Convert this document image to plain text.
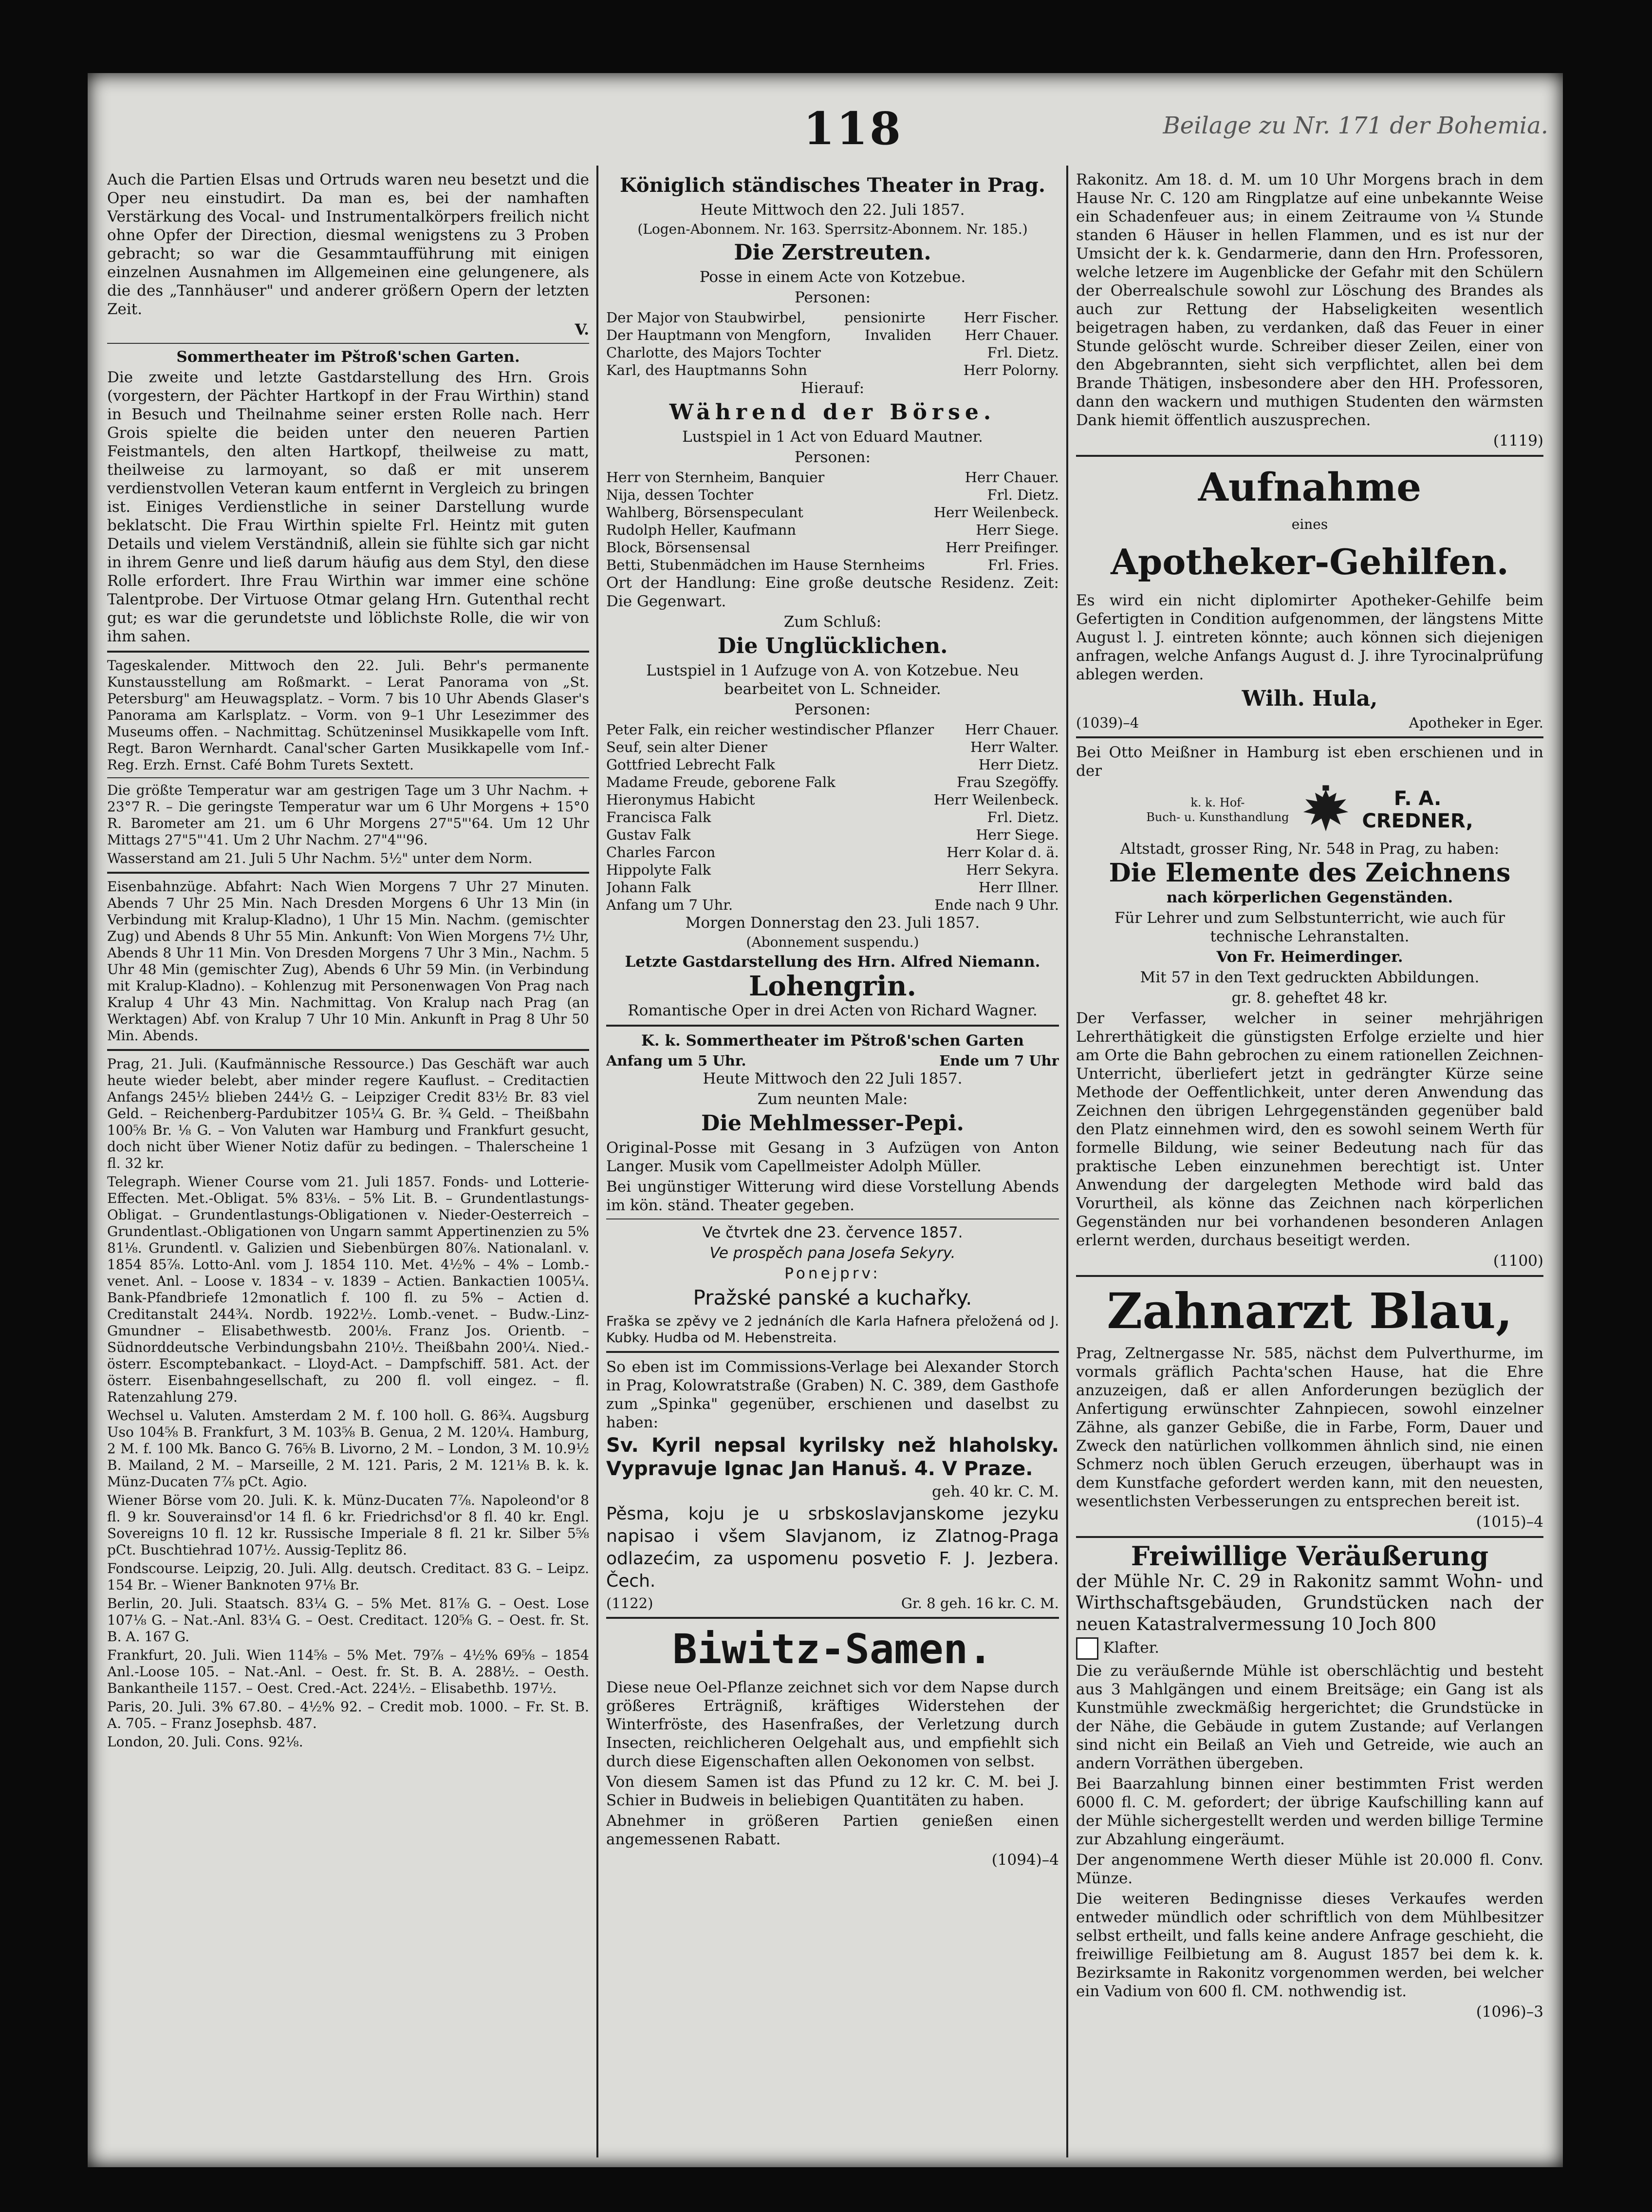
118	Beilage zu Nr. 171 der Bohemia.

Auch die Partien Elsas und Ortruds waren neu besetzt und die Oper neu einstudirt. Da man es, bei der namhaften Verstärkung des Vocal- und Instrumentalkörpers freilich nicht ohne Opfer der Direction, diesmal wenigstens zu 3 Proben gebracht; so war die Gesammtaufführung mit einigen einzelnen Ausnahmen im Allgemeinen eine gelungenere, als die des „Tannhäuser" und anderer größern Opern der letzten Zeit.

V.

Sommertheater im Pštroß'schen Garten.

Die zweite und letzte Gastdarstellung des Hrn. Grois (vorgestern, der Pächter Hartkopf in der Frau Wirthin) stand in Besuch und Theilnahme seiner ersten Rolle nach. Herr Grois spielte die beiden unter den neueren Partien Feistmantels, den alten Hartkopf, theilweise zu matt, theilweise zu larmoyant, so daß er mit unserem verdienstvollen Veteran kaum entfernt in Vergleich zu bringen ist. Einiges Verdienstliche in seiner Darstellung wurde beklatscht. Die Frau Wirthin spielte Frl. Heintz mit guten Details und vielem Verständniß, allein sie fühlte sich gar nicht in ihrem Genre und ließ darum häufig aus dem Styl, den diese Rolle erfordert. Ihre Frau Wirthin war immer eine schöne Talentprobe. Der Virtuose Otmar gelang Hrn. Gutenthal recht gut; es war die gerundetste und löblichste Rolle, die wir von ihm sahen.

Tageskalender. Mittwoch den 22. Juli. Behr's permanente Kunstausstellung am Roßmarkt. – Lerat Panorama von „St. Petersburg" am Heuwagsplatz. – Vorm. 7 bis 10 Uhr Abends Glaser's Panorama am Karlsplatz. – Vorm. von 9–1 Uhr Lesezimmer des Museums offen. – Nachmittag. Schützeninsel Musikkapelle vom Inft. Regt. Baron Wernhardt. Canal'scher Garten Musikkapelle vom Inf.-Reg. Erzh. Ernst. Café Bohm Turets Sextett.

Die größte Temperatur war am gestrigen Tage um 3 Uhr Nachm. + 23°7 R. – Die geringste Temperatur war um 6 Uhr Morgens + 15°0 R. Barometer am 21. um 6 Uhr Morgens 27"5"'64. Um 12 Uhr Mittags 27"5"'41. Um 2 Uhr Nachm. 27"4"'96.

Wasserstand am 21. Juli 5 Uhr Nachm. 5½" unter dem Norm.

Eisenbahnzüge. Abfahrt: Nach Wien Morgens 7 Uhr 27 Minuten. Abends 7 Uhr 25 Min. Nach Dresden Morgens 6 Uhr 13 Min (in Verbindung mit Kralup-Kladno), 1 Uhr 15 Min. Nachm. (gemischter Zug) und Abends 8 Uhr 55 Min. Ankunft: Von Wien Morgens 7½ Uhr, Abends 8 Uhr 11 Min. Von Dresden Morgens 7 Uhr 3 Min., Nachm. 5 Uhr 48 Min (gemischter Zug), Abends 6 Uhr 59 Min. (in Verbindung mit Kralup-Kladno). – Kohlenzug mit Personenwagen Von Prag nach Kralup 4 Uhr 43 Min. Nachmittag. Von Kralup nach Prag (an Werktagen) Abf. von Kralup 7 Uhr 10 Min. Ankunft in Prag 8 Uhr 50 Min. Abends.

Prag, 21. Juli. (Kaufmännische Ressource.) Das Geschäft war auch heute wieder belebt, aber minder regere Kauflust. – Creditactien Anfangs 245½ blieben 244½ G. – Leipziger Credit 83½ Br. 83 viel Geld. – Reichenberg-Pardubitzer 105¼ G. Br. ¾ Geld. – Theißbahn 100⅝ Br. ⅛ G. – Von Valuten war Hamburg und Frankfurt gesucht, doch nicht über Wiener Notiz dafür zu bedingen. – Thalerscheine 1 fl. 32 kr.

Telegraph. Wiener Course vom 21. Juli 1857. Fonds- und Lotterie-Effecten. Met.-Obligat. 5% 83⅛. – 5% Lit. B. – Grundentlastungs-Obligat. – Grundentlastungs-Obligationen v. Nieder-Oesterreich – Grundentlast.-Obligationen von Ungarn sammt Appertinenzien zu 5% 81⅛. Grundentl. v. Galizien und Siebenbürgen 80⅞. Nationalanl. v. 1854 85⅞. Lotto-Anl. vom J. 1854 110. Met. 4½% – 4% – Lomb.-venet. Anl. – Loose v. 1834 – v. 1839 – Actien. Bankactien 1005¼. Bank-Pfandbriefe 12monatlich f. 100 fl. zu 5% – Actien d. Creditanstalt 244¾. Nordb. 1922½. Lomb.-venet. – Budw.-Linz-Gmundner – Elisabethwestb. 200⅛. Franz Jos. Orientb. – Südnorddeutsche Verbindungsbahn 210½. Theißbahn 200¼. Nied.-österr. Escomptebankact. – Lloyd-Act. – Dampfschiff. 581. Act. der österr. Eisenbahngesellschaft, zu 200 fl. voll eingez. – fl. Ratenzahlung 279.

Wechsel u. Valuten. Amsterdam 2 M. f. 100 holl. G. 86¾. Augsburg Uso 104⅝ B. Frankfurt, 3 M. 103⅝ B. Genua, 2 M. 120¼. Hamburg, 2 M. f. 100 Mk. Banco G. 76⅝ B. Livorno, 2 M. – London, 3 M. 10.9½ B. Mailand, 2 M. – Marseille, 2 M. 121. Paris, 2 M. 121⅛ B. k. k. Münz-Ducaten 7⅞ pCt. Agio.

Wiener Börse vom 20. Juli. K. k. Münz-Ducaten 7⅞. Napoleond'or 8 fl. 9 kr. Souverainsd'or 14 fl. 6 kr. Friedrichsd'or 8 fl. 40 kr. Engl. Sovereigns 10 fl. 12 kr. Russische Imperiale 8 fl. 21 kr. Silber 5⅝ pCt. Buschtiehrad 107½. Aussig-Teplitz 86.

Fondscourse. Leipzig, 20. Juli. Allg. deutsch. Creditact. 83 G. – Leipz. 154 Br. – Wiener Banknoten 97⅛ Br.

Berlin, 20. Juli. Staatsch. 83¼ G. – 5% Met. 81⅞ G. – Oest. Lose 107⅛ G. – Nat.-Anl. 83¼ G. – Oest. Creditact. 120⅝ G. – Oest. fr. St. B. A. 167 G.

Frankfurt, 20. Juli. Wien 114⅝ – 5% Met. 79⅞ – 4½% 69⅝ – 1854 Anl.-Loose 105. – Nat.-Anl. – Oest. fr. St. B. A. 288½. – Oesth. Bankantheile 1157. – Oest. Cred.-Act. 224½. – Elisabethb. 197½.

Paris, 20. Juli. 3% 67.80. – 4½% 92. – Credit mob. 1000. – Fr. St. B. A. 705. – Franz Josephsb. 487.

London, 20. Juli. Cons. 92⅛.

Königlich ständisches Theater in Prag.

Heute Mittwoch den 22. Juli 1857.

(Logen-Abonnem. Nr. 163. Sperrsitz-Abonnem. Nr. 185.)

Die Zerstreuten.

Posse in einem Acte von Kotzebue.

Personen:

Der Major von Staubwirbel,	pensionirte	Herr Fischer.
Der Hauptmann von Mengforn, Invaliden Herr Chauer.
Charlotte, des Majors Tochter	Frl. Dietz.
Karl, des Hauptmanns Sohn	Herr Polorny.

Hierauf:

Während der Börse.

Lustspiel in 1 Act von Eduard Mautner.

Personen:

Herr von Sternheim, Banquier	Herr Chauer.
Nija, dessen Tochter	Frl. Dietz.
Wahlberg, Börsenspeculant	Herr Weilenbeck.
Rudolph Heller, Kaufmann	Herr Siege.
Block, Börsensensal	Herr Preifinger.
Betti, Stubenmädchen im Hause Sternheims	Frl. Fries.

Ort der Handlung: Eine große deutsche Residenz. Zeit: Die Gegenwart.

Zum Schluß:

Die Unglücklichen.

Lustspiel in 1 Aufzuge von A. von Kotzebue. Neu bearbeitet von L. Schneider.

Personen:

Peter Falk, ein reicher westindischer Pflanzer Herr Chauer.
Seuf, sein alter Diener	Herr Walter.
Gottfried Lebrecht Falk	Herr Dietz.
Madame Freude, geborene Falk	Frau Szegöffy.
Hieronymus Habicht	Herr Weilenbeck.
Francisca Falk	Frl. Dietz.
Gustav Falk	Herr Siege.
Charles Farcon	Herr Kolar d. ä.
Hippolyte Falk	Herr Sekyra.
Johann Falk	Herr Illner.
Anfang um 7 Uhr.	Ende nach 9 Uhr.

Morgen Donnerstag den 23. Juli 1857.

(Abonnement suspendu.)

Letzte Gastdarstellung des Hrn. Alfred Niemann.

Lohengrin.

Romantische Oper in drei Acten von Richard Wagner.

K. k. Sommertheater im Pštroß'schen Garten

Anfang um 5 Uhr.	Ende um 7 Uhr

Heute Mittwoch den 22 Juli 1857.

Zum neunten Male:

Die Mehlmesser-Pepi.

Original-Posse mit Gesang in 3 Aufzügen von Anton Langer. Musik vom Capellmeister Adolph Müller.

Bei ungünstiger Witterung wird diese Vorstellung Abends im kön. ständ. Theater gegeben.

Ve čtvrtek dne 23. července 1857.

Ve prospěch pana Josefa Sekyry.

Ponejprv:

Pražské panské a kuchařky.

Fraška se zpěvy ve 2 jednáních dle Karla Hafnera přeložená od J. Kubky. Hudba od M. Hebenstreita.

So eben ist im Commissions-Verlage bei Alexander Storch in Prag, Kolowratstraße (Graben) N. C. 389, dem Gasthofe zum „Spinka" gegenüber, erschienen und daselbst zu haben:

Sv. Kyril nepsal kyrilsky než hlaholsky. Vypravuje Ignac Jan Hanuš. 4. V Praze.

geh. 40 kr. C. M.

Pěsma, koju je u srbskoslavjanskome jezyku napisao i všem Slavjanom, iz Zlatnog-Praga odlazećim, za uspomenu posvetio F. J. Jezbera. Čech.

(1122)	Gr. 8 geh. 16 kr. C. M.
Biwitz-Samen.

Diese neue Oel-Pflanze zeichnet sich vor dem Napse durch größeres Erträgniß, kräftiges Widerstehen der Winterfröste, des Hasenfraßes, der Verletzung durch Insecten, reichlicheren Oelgehalt aus, und empfiehlt sich durch diese Eigenschaften allen Oekonomen von selbst.

Von diesem Samen ist das Pfund zu 12 kr. C. M. bei J. Schier in Budweis in beliebigen Quantitäten zu haben.

Abnehmer in größeren Partien genießen einen angemessenen Rabatt.

(1094)–4

Rakonitz. Am 18. d. M. um 10 Uhr Morgens brach in dem Hause Nr. C. 120 am Ringplatze auf eine unbekannte Weise ein Schadenfeuer aus; in einem Zeitraume von ¼ Stunde standen 6 Häuser in hellen Flammen, und es ist nur der Umsicht der k. k. Gendarmerie, dann den Hrn. Professoren, welche letzere im Augenblicke der Gefahr mit den Schülern der Oberrealschule sowohl zur Löschung des Brandes als auch zur Rettung der Habseligkeiten wesentlich beigetragen haben, zu verdanken, daß das Feuer in einer Stunde gelöscht wurde. Schreiber dieser Zeilen, einer von den Abgebrannten, sieht sich verpflichtet, allen bei dem Brande Thätigen, insbesondere aber den HH. Professoren, dann den wackern und muthigen Studenten den wärmsten Dank hiemit öffentlich auszusprechen.

(1119)

Aufnahme

eines

Apotheker-Gehilfen.

Es wird ein nicht diplomirter Apotheker-Gehilfe beim Gefertigten in Condition aufgenommen, der längstens Mitte August l. J. eintreten könnte; auch können sich diejenigen anfragen, welche Anfangs August d. J. ihre Tyrocinalprüfung ablegen werden.

Wilh. Hula,
(1039)–4	Apotheker in Eger.

Bei Otto Meißner in Hamburg ist eben erschienen und in der

k. k. Hof-
Buch- u. Kunsthandlung
F. A.
CREDNER,

Altstadt, grosser Ring, Nr. 548 in Prag, zu haben:

Die Elemente des Zeichnens

nach körperlichen Gegenständen.

Für Lehrer und zum Selbstunterricht, wie auch für technische Lehranstalten.

Von Fr. Heimerdinger.

Mit 57 in den Text gedruckten Abbildungen.

gr. 8. geheftet 48 kr.

Der Verfasser, welcher in seiner mehrjährigen Lehrerthätigkeit die günstigsten Erfolge erzielte und hier am Orte die Bahn gebrochen zu einem rationellen Zeichnen-Unterricht, überliefert jetzt in gedrängter Kürze seine Methode der Oeffentlichkeit, unter deren Anwendung das Zeichnen den übrigen Lehrgegenständen gegenüber bald den Platz einnehmen wird, den es sowohl seinem Werth für formelle Bildung, wie seiner Bedeutung nach für das praktische Leben einzunehmen berechtigt ist. Unter Anwendung der dargelegten Methode wird bald das Vorurtheil, als könne das Zeichnen nach körperlichen Gegenständen nur bei vorhandenen besonderen Anlagen erlernt werden, durchaus beseitigt werden.

(1100)

Zahnarzt Blau,

Prag, Zeltnergasse Nr. 585, nächst dem Pulverthurme, im vormals gräflich Pachta'schen Hause, hat die Ehre anzuzeigen, daß er allen Anforderungen bezüglich der Anfertigung erwünschter Zahnpiecen, sowohl einzelner Zähne, als ganzer Gebiße, die in Farbe, Form, Dauer und Zweck den natürlichen vollkommen ähnlich sind, nie einen Schmerz noch üblen Geruch erzeugen, überhaupt was in dem Kunstfache gefordert werden kann, mit den neuesten, wesentlichsten Verbesserungen zu entsprechen bereit ist.

(1015)–4

Freiwillige Veräußerung

der Mühle Nr. C. 29 in Rakonitz sammt Wohn- und Wirthschaftsgebäuden, Grundstücken nach der neuen Katastralvermessung 10 Joch 800

Klafter.

Die zu veräußernde Mühle ist oberschlächtig und besteht aus 3 Mahlgängen und einem Breitsäge; ein Gang ist als Kunstmühle zweckmäßig hergerichtet; die Grundstücke in der Nähe, die Gebäude in gutem Zustande; auf Verlangen sind nicht ein Beilaß an Vieh und Getreide, wie auch an andern Vorräthen übergeben.

Bei Baarzahlung binnen einer bestimmten Frist werden 6000 fl. C. M. gefordert; der übrige Kaufschilling kann auf der Mühle sichergestellt werden und werden billige Termine zur Abzahlung eingeräumt.

Der angenommene Werth dieser Mühle ist 20.000 fl. Conv. Münze.

Die weiteren Bedingnisse dieses Verkaufes werden entweder mündlich oder schriftlich von dem Mühlbesitzer selbst ertheilt, und falls keine andere Anfrage geschieht, die freiwillige Feilbietung am 8. August 1857 bei dem k. k. Bezirksamte in Rakonitz vorgenommen werden, bei welcher ein Vadium von 600 fl. CM. nothwendig ist.

(1096)–3
